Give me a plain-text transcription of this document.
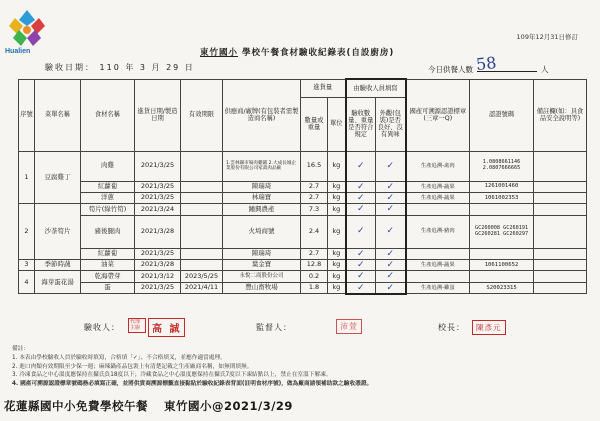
Hualien
109年12月31日修訂
東竹國小 學校午餐食材驗收紀錄表(自設廚房)
驗收日期： 110 年 3 月 29 日	今日供餐人數	人
58
序號	菜單名稱	食材名稱	進貨日期/製造日期	有效期限	供應商/廠牌(有包裝者需製造商名稱)	進貨量		由驗收人員填寫		國產可溯源認證標章(三章一Q)	認證號碼	備註欄(如：具食品安全說明等)
						數量或重量	單位	驗收數量、重量是否符合規定	外觀(包裝)是否良好、沒有異味			
1	豆腐雞丁	肉雞	2021/3/25		1.雲林縣市場肉雞鋪 2.大成長城企業股份有限公司家禽肉品廠	16.5	kg	✓	✓	生產追溯-禽肉	1.0808661146 2.0807666665	
		紅蘿蔔	2021/3/25		陳瑞琦	2.7	kg	✓	✓	生產追溯-蔬果	1261001460	
		洋蔥	2021/3/25		林瑞寶	2.7	kg	✓	✓	生產追溯-蔬果	1061002353	
2	沙茶筍片	筍片(綠竹筍)	2021/3/24		鍾興農產	7.3	kg	✓	✓			
		豬後腿肉	2021/3/28		火埼商號	2.4	kg	✓	✓	生產追溯-豬肉	GC260008 GC260191 GC260281 GC260297	
		紅蘿蔔	2021/3/25		陳瑞琦	2.7	kg	✓	✓			
3	季節時蔬	油菜	2021/3/28		葉金寶	12.8	kg	✓	✓	生產追溯-蔬果	1061100652	
4	海芽蛋花湯	乾海帶芽	2021/3/12	2023/5/25	永悅二商股份公司	0.2	kg	✓	✓			
		蛋	2021/3/25	2021/4/11	豐山畜牧場	1.8	kg	✓	✓	生產追溯-雞蛋	S20023315	
驗收人：
代理主廚	高 誠	監督人：	沛萱	校長：	陳彥元
備註：
1. 本表由學校驗收人員於驗收時填寫，合格填「✓」、不合格填叉，並應作適當處理。
2. 進口肉類有效期限至少保一週；麻辣鍋產品包裝上有清楚記載之生產廠商名稱，如無則填無。
3. 冷凍食品之中心溫度應保持在攝氏負18度以下；冷藏食品之中心溫度應保持在攝氏7度以下凍結點以上，禁止在室溫下解凍。
4. 國產可溯源認證標章號碼務必填寫正確，並將供貨商溯源標籤直接黏貼於驗收紀錄表背面(註明食材序號)，做為廠商請領補助款之驗收憑證。
花蓮縣國中小免費學校午餐 東竹國小@2021/3/29
